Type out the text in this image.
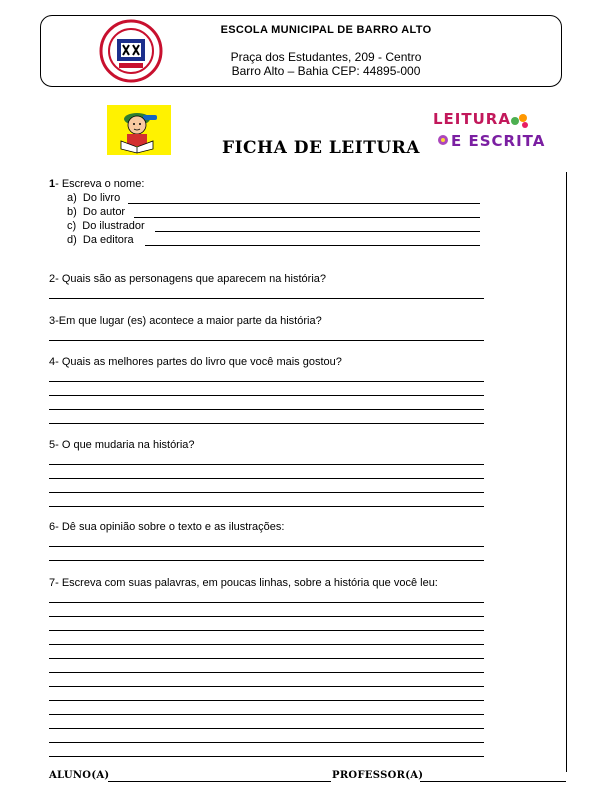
ESCOLA MUNICIPAL DE BARRO ALTO
Praça dos Estudantes, 209 - Centro
Barro Alto – Bahia CEP: 44895-000
FICHA DE LEITURA
LEITURA
E ESCRITA
1- Escreva o nome:
a) Do livro
b) Do autor
c) Do ilustrador
d) Da editora
2- Quais são as personagens que aparecem na história?
3-Em que lugar (es) acontece a maior parte da história?
4- Quais as melhores partes do livro que você mais gostou?
5- O que mudaria na história?
6- Dê sua opinião sobre o texto e as ilustrações:
7- Escreva com suas palavras, em poucas linhas, sobre a história que você leu:
ALUNO(A)	PROFESSOR(A)
